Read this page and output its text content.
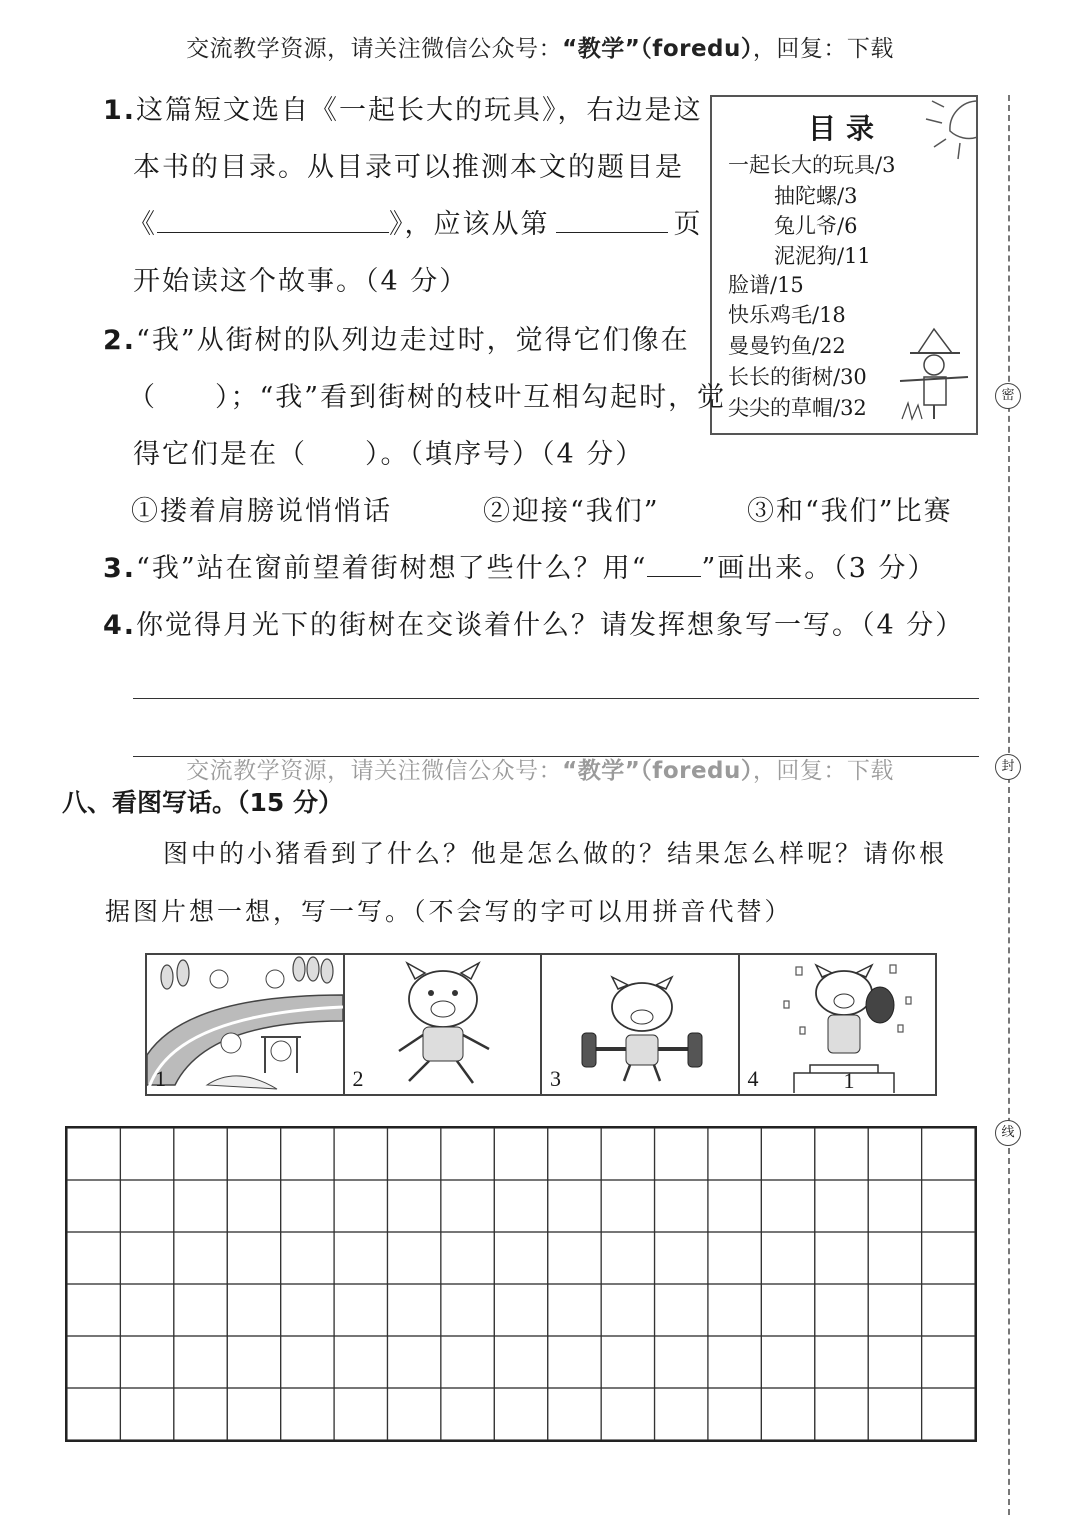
交流教学资源，请关注微信公众号：“教学”（foredu），回复：下载
1.这篇短文选自《一起长大的玩具》，右边是这
本书的目录。从目录可以推测本文的题目是
《	》，应该从第	页
开始读这个故事。（4 分）
目录
一起长大的玩具/3
抽陀螺/3
兔儿爷/6
泥泥狗/11
脸谱/15
快乐鸡毛/18
曼曼钓鱼/22
长长的街树/30
尖尖的草帽/32
2.“我”从街树的队列边走过时，觉得它们像在
（　　）；“我”看到街树的枝叶互相勾起时，觉
得它们是在（　　）。（填序号）（4 分）
①搂着肩膀说悄悄话	②迎接“我们”	③和“我们”比赛
3.“我”站在窗前望着街树想了些什么？用“ ”画出来。（3 分）
4.你觉得月光下的街树在交谈着什么？请发挥想象写一写。（4 分）
交流教学资源，请关注微信公众号：“教学”（foredu），回复：下载
八、看图写话。（15 分）
图中的小猪看到了什么？他是怎么做的？结果怎么样呢？请你根
据图片想一想，写一写。（不会写的字可以用拼音代替）
1	2	3	1
4
密
封
线
